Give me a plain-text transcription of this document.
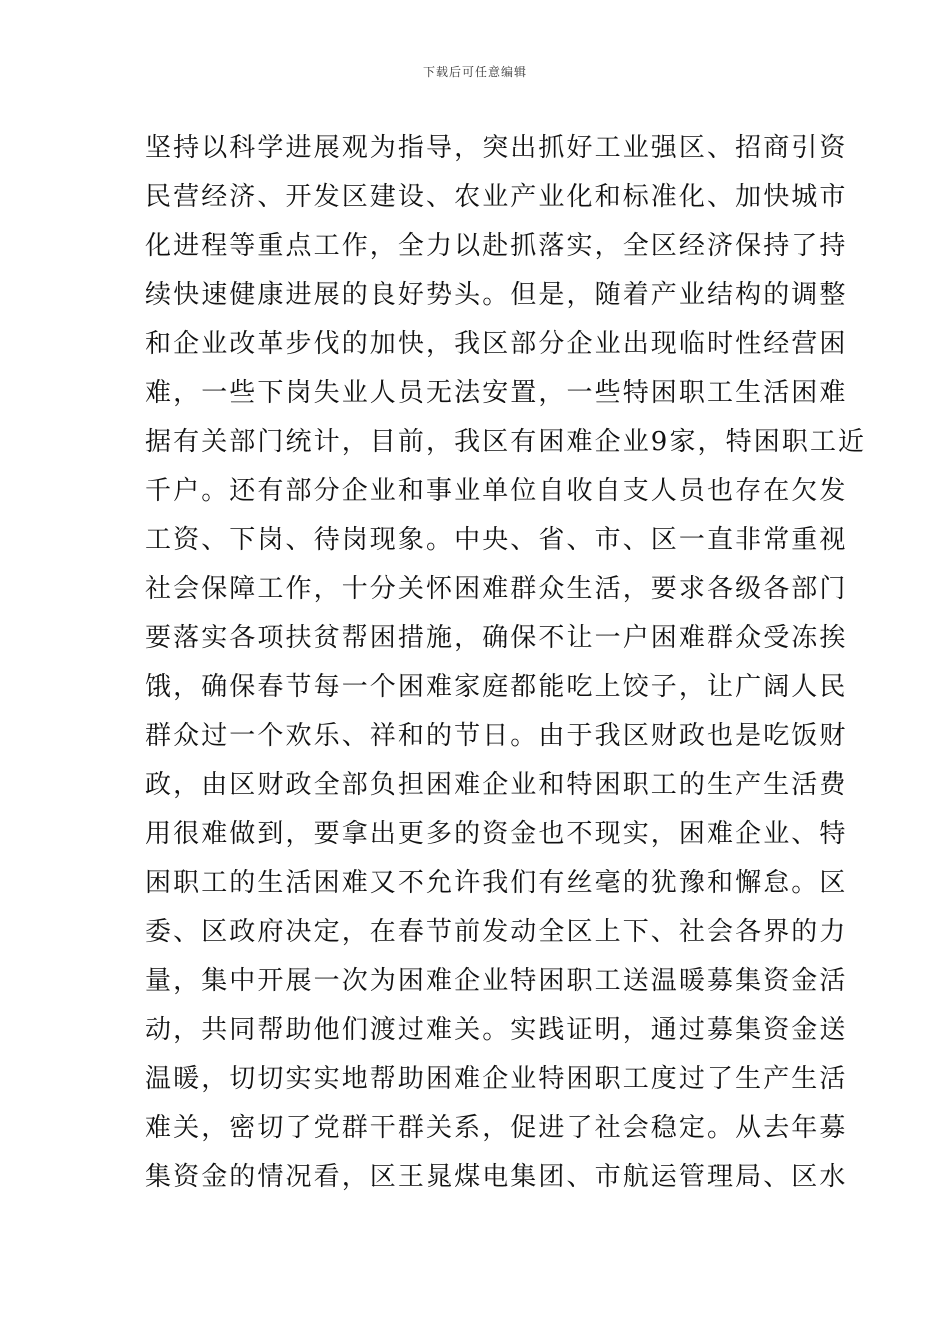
下载后可任意编辑
坚持以科学进展观为指导，突出抓好工业强区、招商引资
民营经济、开发区建设、农业产业化和标准化、加快城市
化进程等重点工作，全力以赴抓落实，全区经济保持了持
续快速健康进展的良好势头。但是，随着产业结构的调整
和企业改革步伐的加快，我区部分企业出现临时性经营困
难，一些下岗失业人员无法安置，一些特困职工生活困难
据有关部门统计，目前，我区有困难企业9家，特困职工近
千户。还有部分企业和事业单位自收自支人员也存在欠发
工资、下岗、待岗现象。中央、省、市、区一直非常重视
社会保障工作，十分关怀困难群众生活，要求各级各部门
要落实各项扶贫帮困措施，确保不让一户困难群众受冻挨
饿，确保春节每一个困难家庭都能吃上饺子，让广阔人民
群众过一个欢乐、祥和的节日。由于我区财政也是吃饭财
政，由区财政全部负担困难企业和特困职工的生产生活费
用很难做到，要拿出更多的资金也不现实，困难企业、特
困职工的生活困难又不允许我们有丝毫的犹豫和懈怠。区
委、区政府决定，在春节前发动全区上下、社会各界的力
量，集中开展一次为困难企业特困职工送温暖募集资金活
动，共同帮助他们渡过难关。实践证明，通过募集资金送
温暖，切切实实地帮助困难企业特困职工度过了生产生活
难关，密切了党群干群关系，促进了社会稳定。从去年募
集资金的情况看，区王晁煤电集团、市航运管理局、区水
